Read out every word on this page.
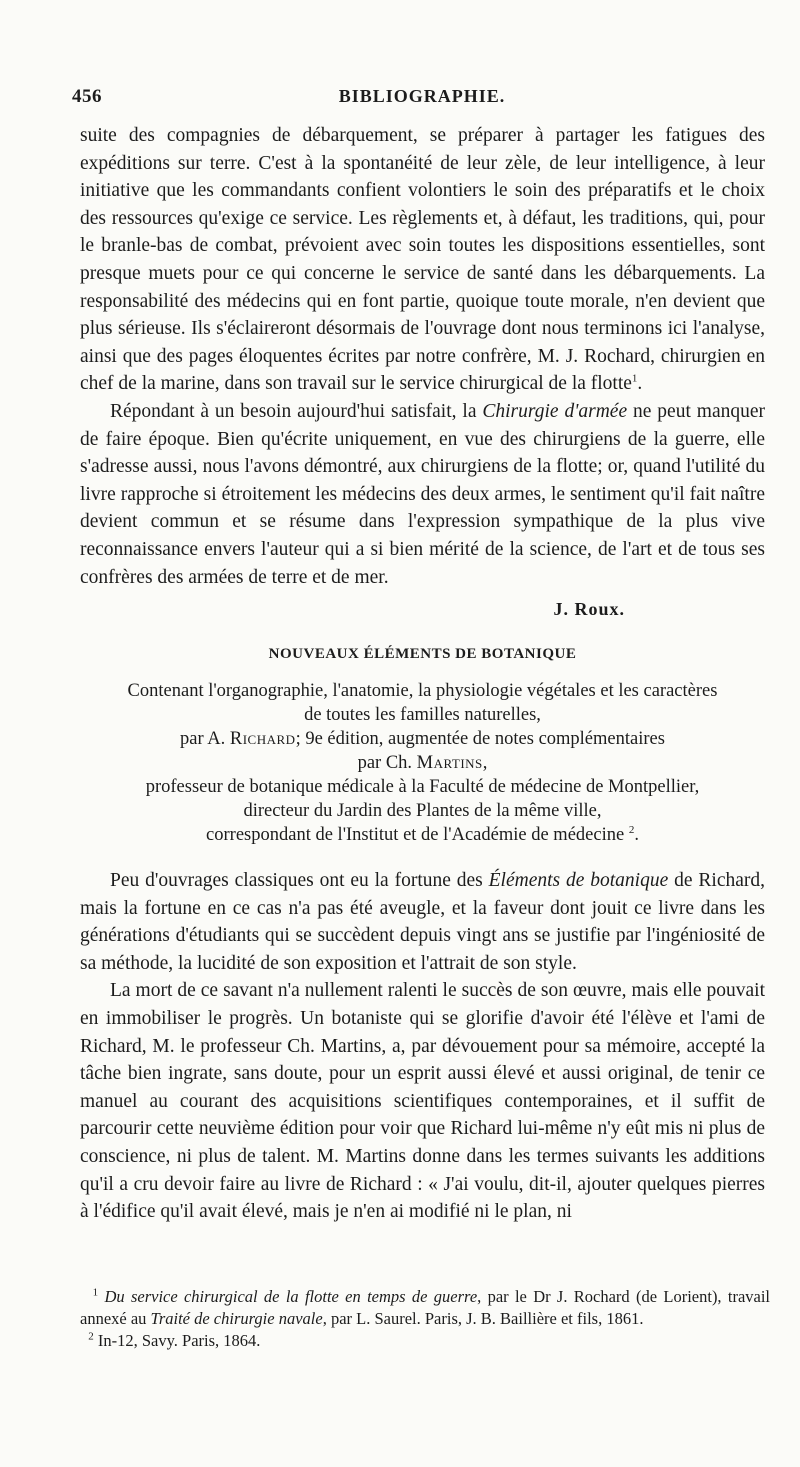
456	BIBLIOGRAPHIE.

suite des compagnies de débarquement, se préparer à partager les fatigues des expéditions sur terre. C'est à la spontanéité de leur zèle, de leur intelligence, à leur initiative que les commandants confient volontiers le soin des préparatifs et le choix des ressources qu'exige ce service. Les règlements et, à défaut, les traditions, qui, pour le branle-bas de combat, prévoient avec soin toutes les dispositions essentielles, sont presque muets pour ce qui concerne le service de santé dans les débarquements. La responsabilité des médecins qui en font partie, quoique toute morale, n'en devient que plus sérieuse. Ils s'éclaireront désormais de l'ouvrage dont nous terminons ici l'analyse, ainsi que des pages éloquentes écrites par notre confrère, M. J. Rochard, chirurgien en chef de la marine, dans son travail sur le service chirurgical de la flotte$^1$.

Répondant à un besoin aujourd'hui satisfait, la Chirurgie d'armée ne peut manquer de faire époque. Bien qu'écrite uniquement, en vue des chirurgiens de la guerre, elle s'adresse aussi, nous l'avons démontré, aux chirurgiens de la flotte; or, quand l'utilité du livre rapproche si étroitement les médecins des deux armes, le sentiment qu'il fait naître devient commun et se résume dans l'expression sympathique de la plus vive reconnaissance envers l'auteur qui a si bien mérité de la science, de l'art et de tous ses confrères des armées de terre et de mer.

J. Roux.
NOUVEAUX ÉLÉMENTS DE BOTANIQUE
Contenant l'organographie, l'anatomie, la physiologie végétales et les caractères
de toutes les familles naturelles,
par A. Richard; 9e édition, augmentée de notes complémentaires
par Ch. Martins,
professeur de botanique médicale à la Faculté de médecine de Montpellier,
directeur du Jardin des Plantes de la même ville,
correspondant de l'Institut et de l'Académie de médecine $^2$.

Peu d'ouvrages classiques ont eu la fortune des Éléments de botanique de Richard, mais la fortune en ce cas n'a pas été aveugle, et la faveur dont jouit ce livre dans les générations d'étudiants qui se succèdent depuis vingt ans se justifie par l'ingéniosité de sa méthode, la lucidité de son exposition et l'attrait de son style.

La mort de ce savant n'a nullement ralenti le succès de son œuvre, mais elle pouvait en immobiliser le progrès. Un botaniste qui se glorifie d'avoir été l'élève et l'ami de Richard, M. le professeur Ch. Martins, a, par dévouement pour sa mémoire, accepté la tâche bien ingrate, sans doute, pour un esprit aussi élevé et aussi original, de tenir ce manuel au courant des acquisitions scientifiques contemporaines, et il suffit de parcourir cette neuvième édition pour voir que Richard lui-même n'y eût mis ni plus de conscience, ni plus de talent. M. Martins donne dans les termes suivants les additions qu'il a cru devoir faire au livre de Richard : « J'ai voulu, dit-il, ajouter quelques pierres à l'édifice qu'il avait élevé, mais je n'en ai modifié ni le plan, ni

$^1$ Du service chirurgical de la flotte en temps de guerre, par le Dr J. Rochard (de Lorient), travail annexé au Traité de chirurgie navale, par L. Saurel. Paris, J. B. Baillière et fils, 1861.

$^2$ In-12, Savy. Paris, 1864.
